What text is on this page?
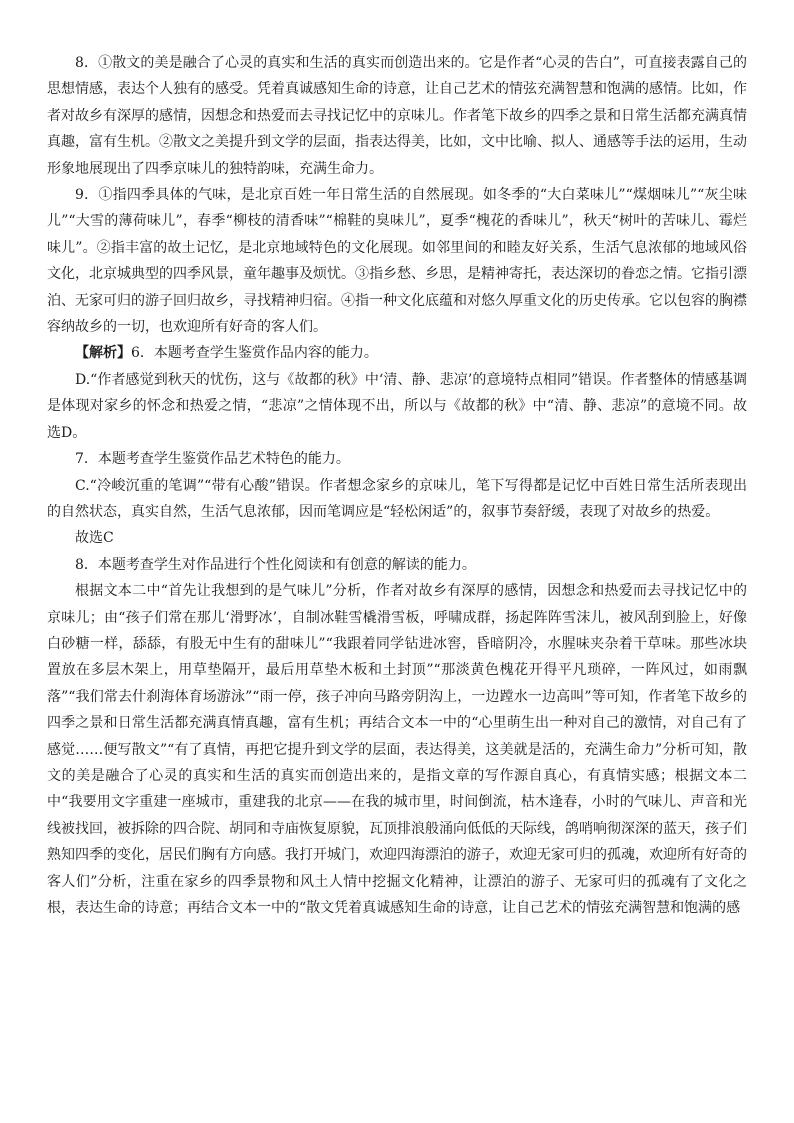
8．①散文的美是融合了心灵的真实和生活的真实而创造出来的。它是作者“心灵的告白”，可直接表露自己的思想情感，表达个人独有的感受。凭着真诚感知生命的诗意，让自己艺术的情弦充满智慧和饱满的感情。比如，作者对故乡有深厚的感情，因想念和热爱而去寻找记忆中的京味儿。作者笔下故乡的四季之景和日常生活都充满真情真趣，富有生机。②散文之美提升到文学的层面，指表达得美，比如，文中比喻、拟人、通感等手法的运用，生动形象地展现出了四季京味儿的独特韵味，充满生命力。

9．①指四季具体的气味，是北京百姓一年日常生活的自然展现。如冬季的“大白菜味儿”“煤烟味儿”“灰尘味儿”“大雪的薄荷味儿”，春季“柳枝的清香味”“棉鞋的臭味儿”，夏季“槐花的香味儿”，秋天“树叶的苦味儿、霉烂味儿”。②指丰富的故土记忆，是北京地域特色的文化展现。如邻里间的和睦友好关系，生活气息浓郁的地域风俗文化，北京城典型的四季风景，童年趣事及烦忧。③指乡愁、乡思，是精神寄托，表达深切的眷恋之情。它指引漂泊、无家可归的游子回归故乡，寻找精神归宿。④指一种文化底蕴和对悠久厚重文化的历史传承。它以包容的胸襟容纳故乡的一切，也欢迎所有好奇的客人们。

【解析】6．本题考查学生鉴赏作品内容的能力。

D.“作者感觉到秋天的忧伤，这与《故都的秋》中‘清、静、悲凉’的意境特点相同”错误。作者整体的情感基调是体现对家乡的怀念和热爱之情，“悲凉”之情体现不出，所以与《故都的秋》中“清、静、悲凉”的意境不同。故选D。

7．本题考查学生鉴赏作品艺术特色的能力。

C.“冷峻沉重的笔调”“带有心酸”错误。作者想念家乡的京味儿，笔下写得都是记忆中百姓日常生活所表现出的自然状态，真实自然，生活气息浓郁，因而笔调应是“轻松闲适”的，叙事节奏舒缓，表现了对故乡的热爱。

故选C

8．本题考查学生对作品进行个性化阅读和有创意的解读的能力。

根据文本二中“首先让我想到的是气味儿”分析，作者对故乡有深厚的感情，因想念和热爱而去寻找记忆中的京味儿；由“孩子们常在那儿‘滑野冰’，自制冰鞋雪橇滑雪板，呼啸成群，扬起阵阵雪沫儿，被风刮到脸上，好像白砂糖一样，舔舔，有股无中生有的甜味儿”“我跟着同学钻进冰窖，昏暗阴冷，水腥味夹杂着干草味。那些冰块置放在多层木架上，用草垫隔开，最后用草垫木板和土封顶”“那淡黄色槐花开得平凡琐碎，一阵风过，如雨飘落”“我们常去什刹海体育场游泳”“雨一停，孩子冲向马路旁阴沟上，一边蹚水一边高叫”等可知，作者笔下故乡的四季之景和日常生活都充满真情真趣，富有生机；再结合文本一中的“心里萌生出一种对自己的激情，对自己有了感觉……便写散文”“有了真情，再把它提升到文学的层面，表达得美，这美就是活的，充满生命力”分析可知，散文的美是融合了心灵的真实和生活的真实而创造出来的，是指文章的写作源自真心，有真情实感；根据文本二中“我要用文字重建一座城市，重建我的北京——在我的城市里，时间倒流，枯木逢春，小时的气味儿、声音和光线被找回，被拆除的四合院、胡同和寺庙恢复原貌，瓦顶排浪般涌向低低的天际线，鸽哨响彻深深的蓝天，孩子们熟知四季的变化，居民们胸有方向感。我打开城门，欢迎四海漂泊的游子，欢迎无家可归的孤魂，欢迎所有好奇的客人们”分析，注重在家乡的四季景物和风土人情中挖掘文化精神，让漂泊的游子、无家可归的孤魂有了文化之根，表达生命的诗意；再结合文本一中的“散文凭着真诚感知生命的诗意，让自己艺术的情弦充满智慧和饱满的感
